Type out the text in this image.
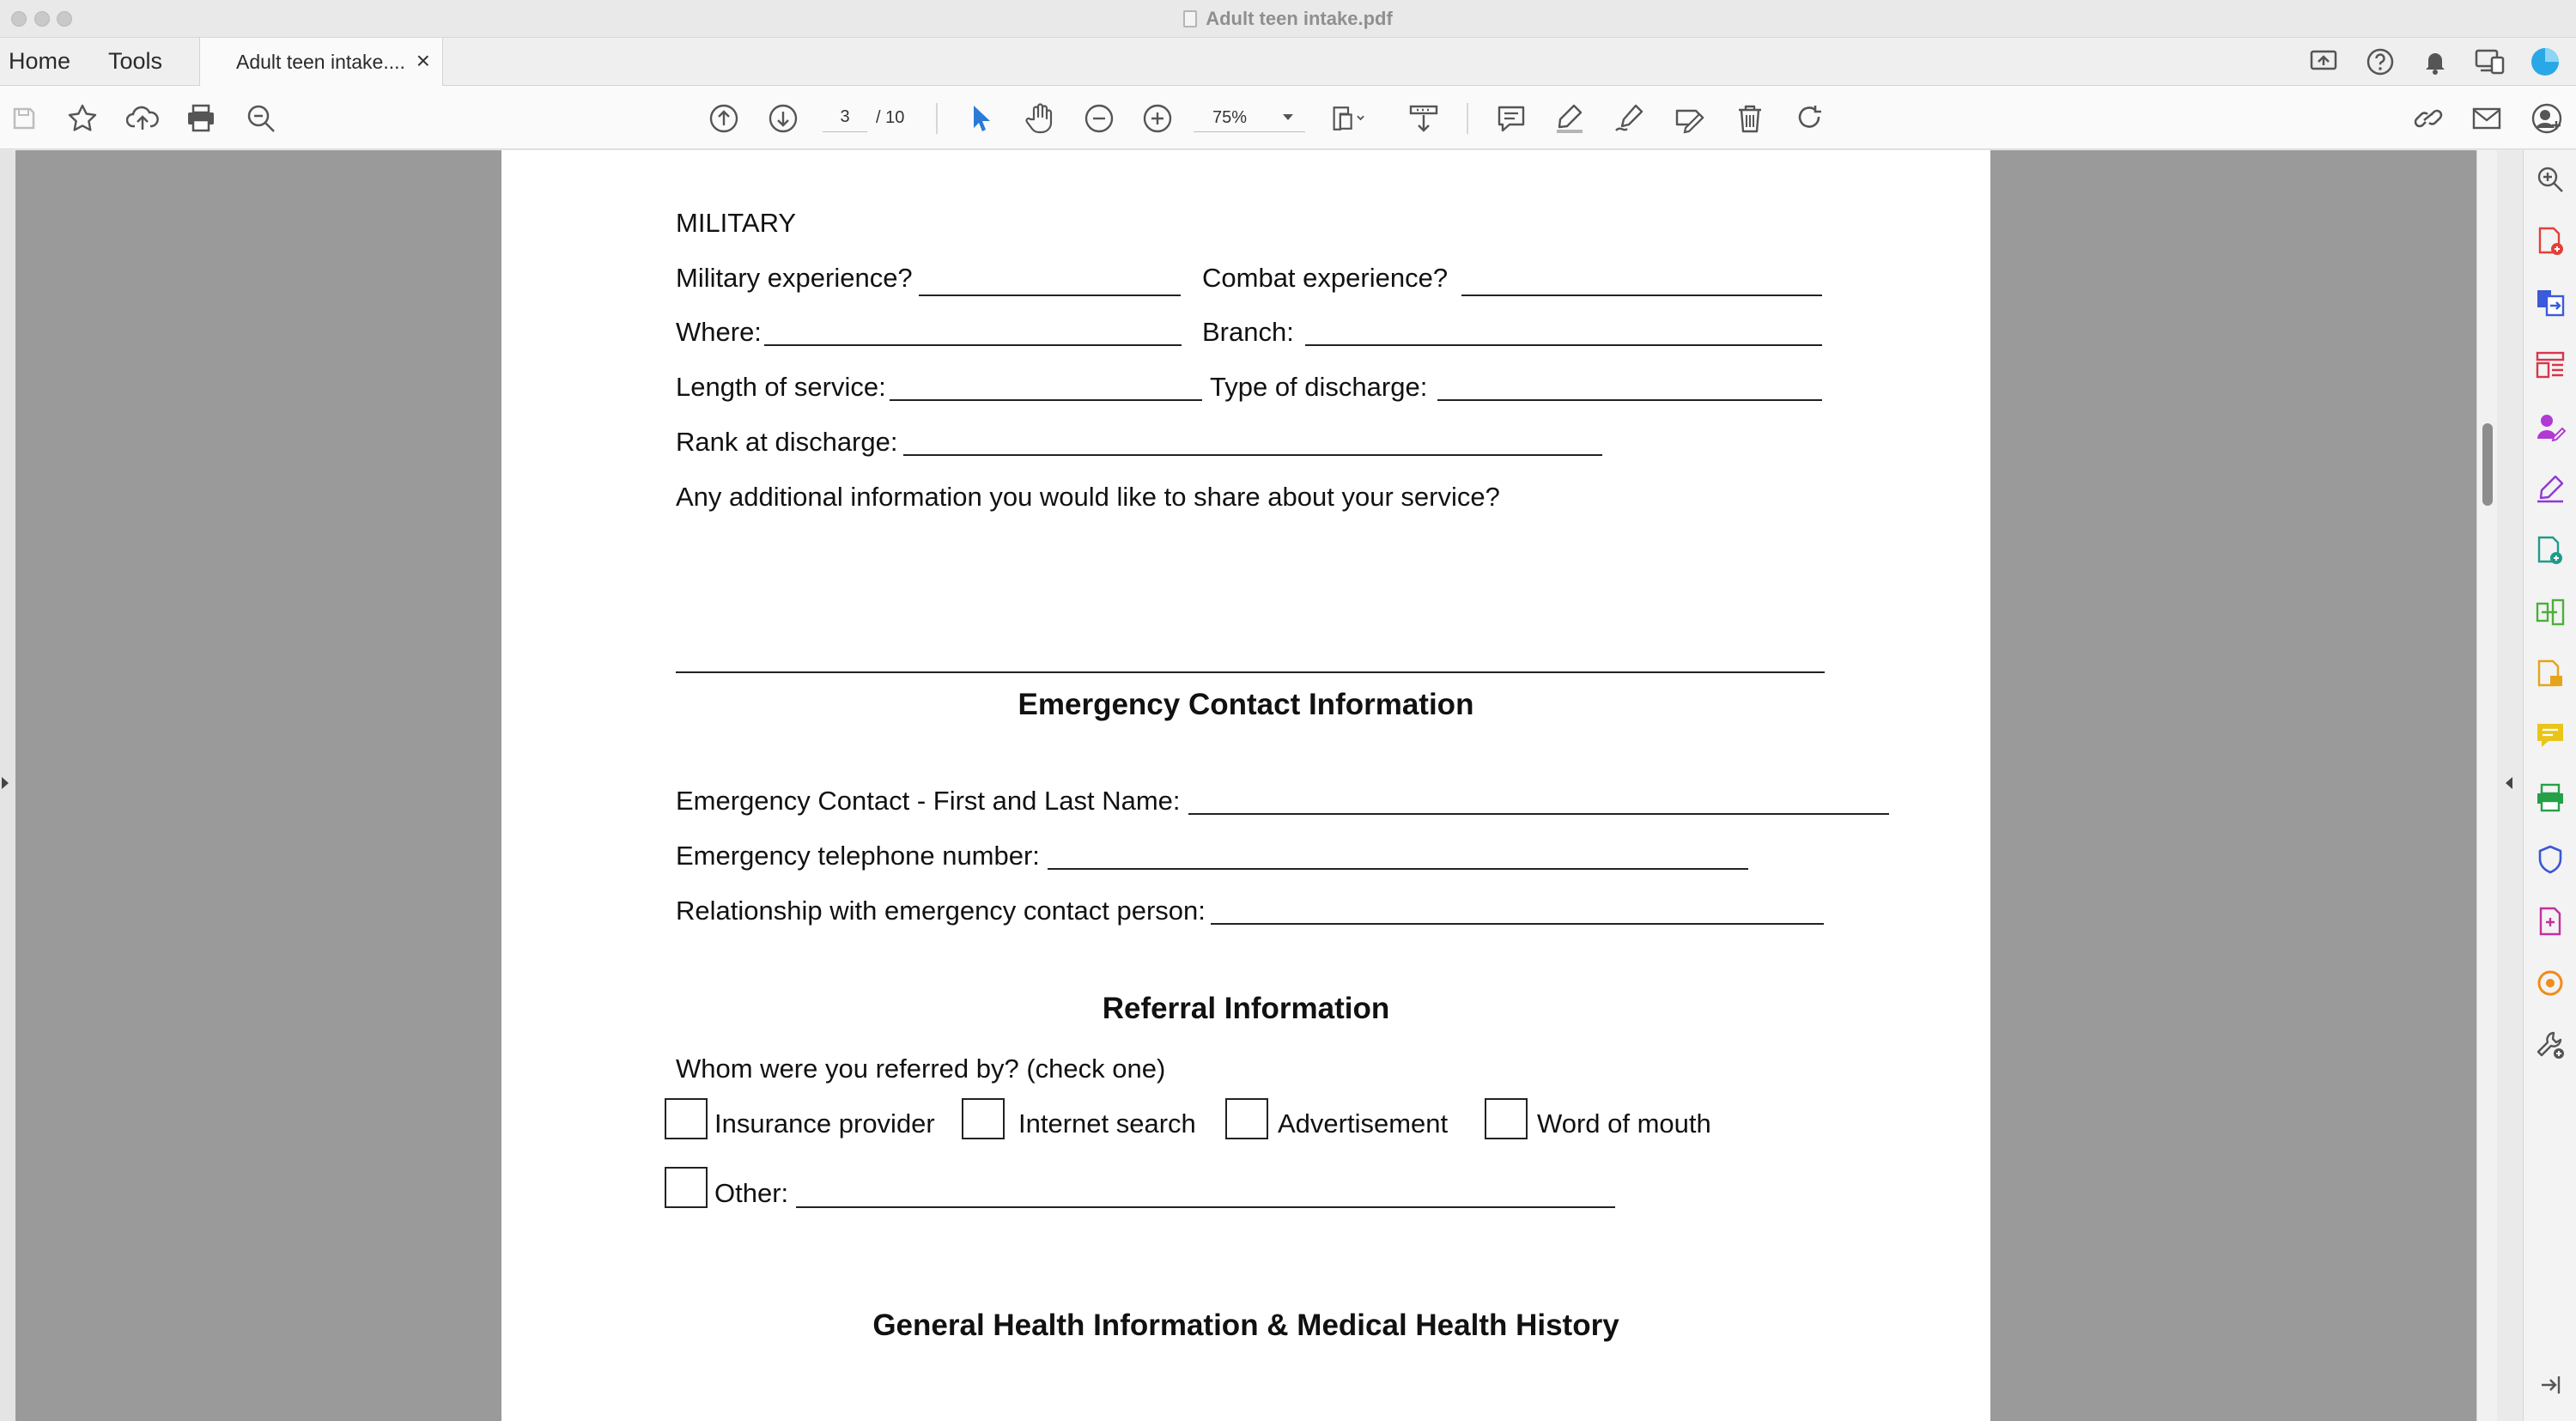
Adult teen intake.pdf
Home Tools	Adult teen intake.... ×
3
/ 10	75%
MILITARY
Military experience?	Combat experience?
Where:	Branch:
Length of service:	Type of discharge:
Rank at discharge:
Any additional information you would like to share about your service?
Emergency Contact Information
Emergency Contact - First and Last Name:
Emergency telephone number:
Relationship with emergency contact person:
Referral Information
Whom were you referred by? (check one)
Insurance provider	Internet search	Advertisement	Word of mouth
Other:
General Health Information & Medical Health History
